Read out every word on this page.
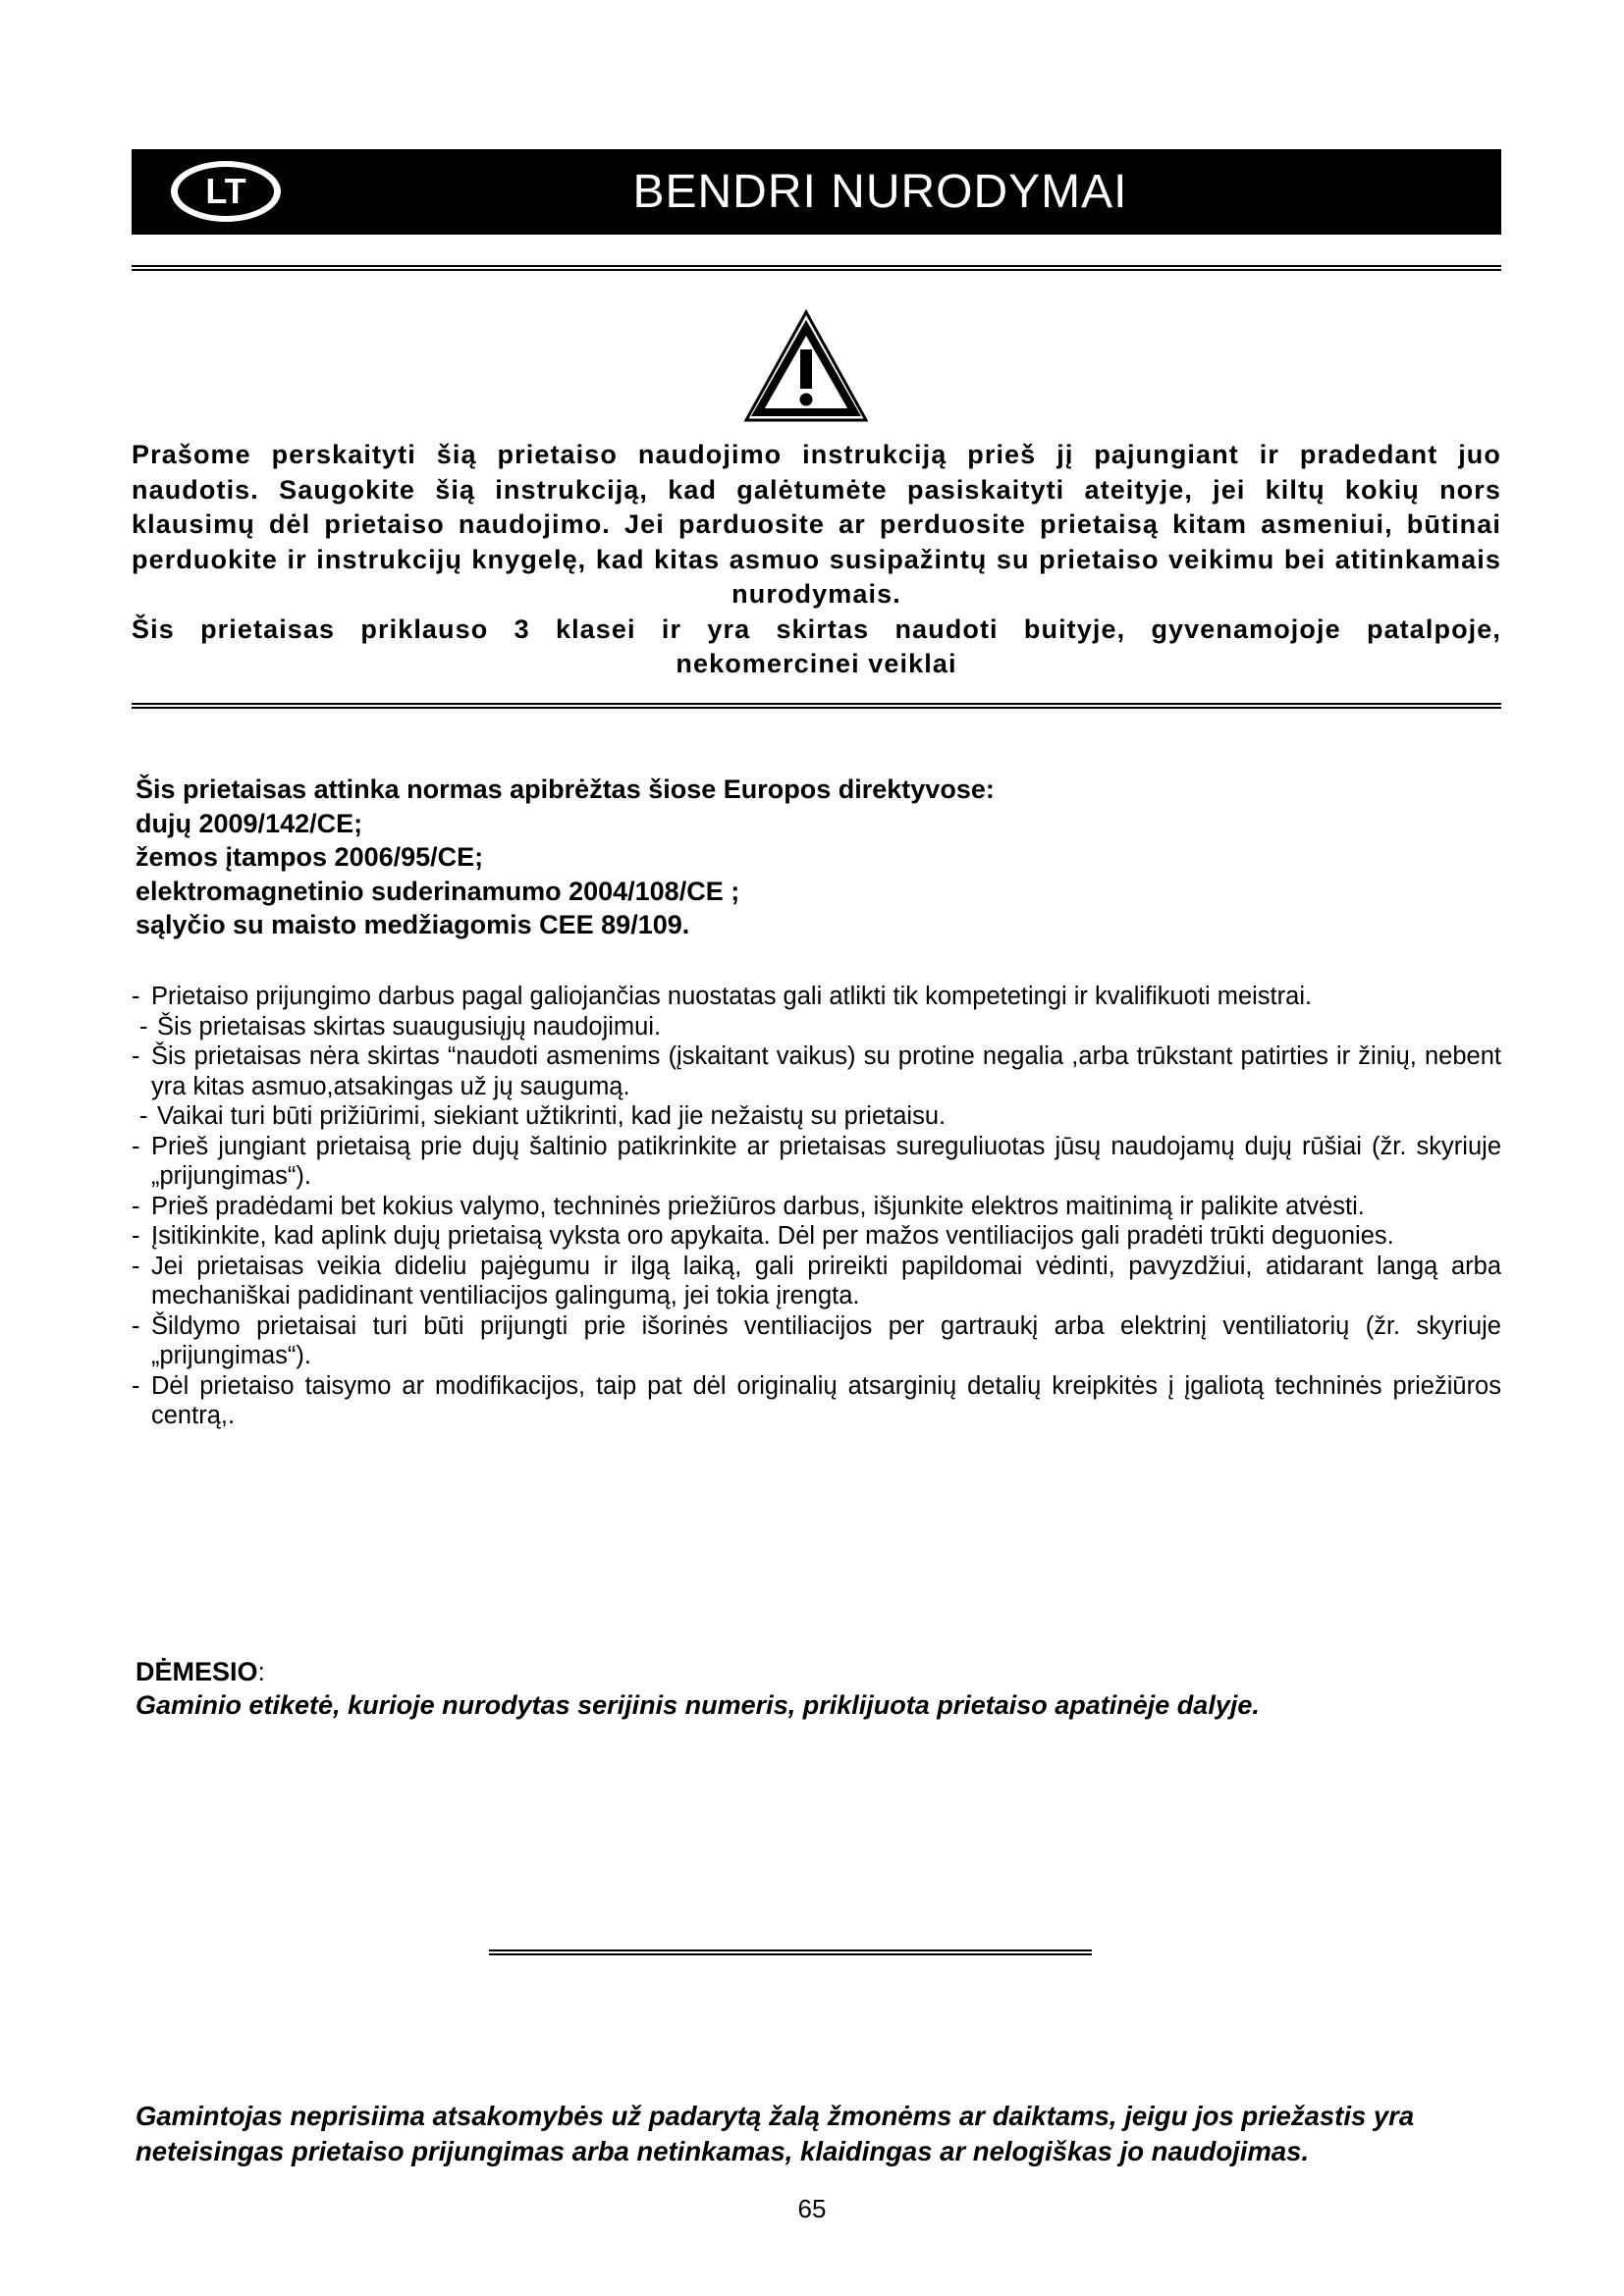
LT	BENDRI NURODYMAI

Prašome perskaityti šią prietaiso naudojimo instrukciją prieš jį pajungiant ir pradedant juo naudotis. Saugokite šią instrukciją, kad galėtumėte pasiskaityti ateityje, jei kiltų kokių nors klausimų dėl prietaiso naudojimo. Jei parduosite ar perduosite prietaisą kitam asmeniui, būtinai perduokite ir instrukcijų knygelę, kad kitas asmuo susipažintų su prietaiso veikimu bei atitinkamais nurodymais.

Šis prietaisas priklauso 3 klasei ir yra skirtas naudoti buityje, gyvenamojoje patalpoje, nekomercinei veiklai

Šis prietaisas attinka normas apibrėžtas šiose Europos direktyvose:
dujų 2009/142/CE;
žemos įtampos 2006/95/CE;
elektromagnetinio suderinamumo 2004/108/CE ;
sąlyčio su maisto medžiagomis CEE 89/109.
- Prietaiso prijungimo darbus pagal galiojančias nuostatas gali atlikti tik kompetetingi ir kvalifikuoti meistrai.
- Šis prietaisas skirtas suaugusiųjų naudojimui.
- Šis prietaisas nėra skirtas “naudoti asmenims (įskaitant vaikus) su protine negalia ,arba trūkstant patirties ir žinių, nebent yra kitas asmuo,atsakingas už jų saugumą.
- Vaikai turi būti prižiūrimi, siekiant užtikrinti, kad jie nežaistų su prietaisu.
- Prieš jungiant prietaisą prie dujų šaltinio patikrinkite ar prietaisas sureguliuotas jūsų naudojamų dujų rūšiai (žr. skyriuje „prijungimas“).
- Prieš pradėdami bet kokius valymo, techninės priežiūros darbus, išjunkite elektros maitinimą ir palikite atvėsti.
- Įsitikinkite, kad aplink dujų prietaisą vyksta oro apykaita. Dėl per mažos ventiliacijos gali pradėti trūkti deguonies.
- Jei prietaisas veikia dideliu pajėgumu ir ilgą laiką, gali prireikti papildomai vėdinti, pavyzdžiui, atidarant langą arba mechaniškai padidinant ventiliacijos galingumą, jei tokia įrengta.
- Šildymo prietaisai turi būti prijungti prie išorinės ventiliacijos per gartraukį arba elektrinį ventiliatorių (žr. skyriuje „prijungimas“).
- Dėl prietaiso taisymo ar modifikacijos, taip pat dėl originalių atsarginių detalių kreipkitės į įgaliotą techninės priežiūros centrą,.
DĖMESIO:
Gaminio etiketė, kurioje nurodytas serijinis numeris, priklijuota prietaiso apatinėje dalyje.

Gamintojas neprisiima atsakomybės už padarytą žalą žmonėms ar daiktams, jeigu jos priežastis yra neteisingas prietaiso prijungimas arba netinkamas, klaidingas ar nelogiškas jo naudojimas.

65
